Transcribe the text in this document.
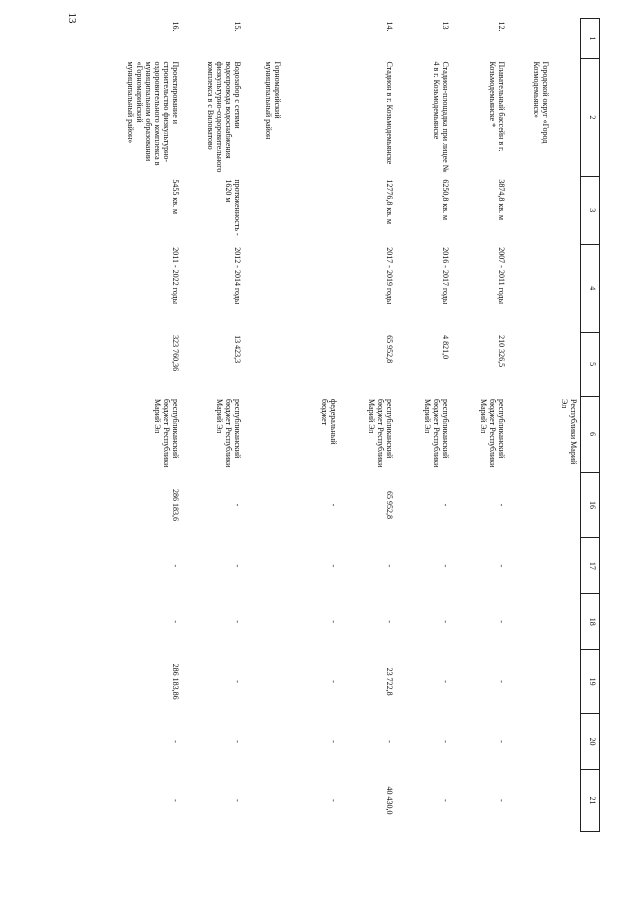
13
1	2	3	4	5	6	16	17	18	19	20	21
					Республики Марий Эл						
	Городской округ «Город Козмодемьянск»										
12.	Плавательный бассейн в г. Козьмодемьянске *	3874,8 кв. м	2007 - 2011 годы	210 326,5	республиканский бюджет Республики Марий Эл	-	-	-	-	-	-
13	Стадион-площадка при лицее № 4 в г. Козьмодемьянске	6250,8 кв. м	2016 - 2017 годы	4 821,0	республиканский бюджет Республики Марий Эл	-	-	-	-	-	-
14.	Стадион в г. Козьмодемьянске	12776,8 кв. м	2017 - 2019 годы	65 952,8	республиканский бюджет Республики Марий Эл	65 952,8	-	-	23 722,8	-	40 430,0
					федеральный бюджет	-	-	-	-	-	-
	Горномарийский муниципальный район										
15.	Водозабор с сетями водопровода водоснабжения физкультурно-оздоровительного комплекса в с Виловатово	протяженность - 1620 м	2012 - 2014 годы	13 423,3	республиканский бюджет Республики Марий Эл	-	-	-	-	-	-
16.	Проектирование и строительство физкультурно-оздоровительного комплекса в муниципальном образовании «Горномарийский муниципальный район»	5455 кв. м	2011 - 2022 годы	323 760,36	республиканский бюджет Республики Марий Эл	286 183,6	-	-	286 183,86	-	-
